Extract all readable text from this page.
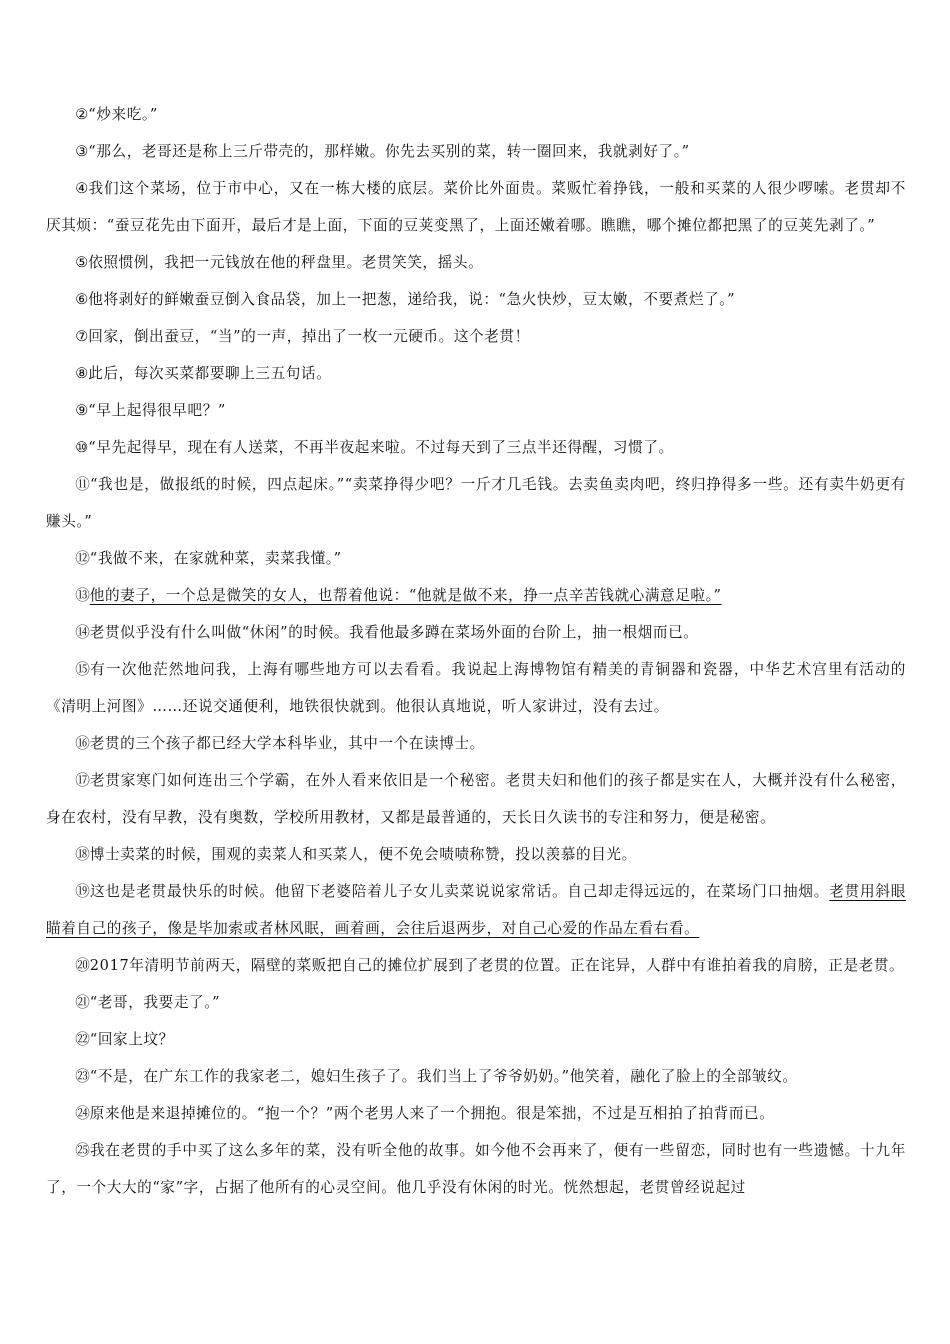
②“炒来吃。”

③“那么，老哥还是称上三斤带壳的，那样嫩。你先去买别的菜，转一圈回来，我就剥好了。”

④我们这个菜场，位于市中心，又在一栋大楼的底层。菜价比外面贵。菜贩忙着挣钱，一般和买菜的人很少啰嗦。老贯却不厌其烦：“蚕豆花先由下面开，最后才是上面，下面的豆荚变黑了，上面还嫩着哪。瞧瞧，哪个摊位都把黑了的豆荚先剥了。”

⑤依照惯例，我把一元钱放在他的秤盘里。老贯笑笑，摇头。

⑥他将剥好的鲜嫩蚕豆倒入食品袋，加上一把葱，递给我，说：“急火快炒，豆太嫩，不要煮烂了。”

⑦回家，倒出蚕豆，“当”的一声，掉出了一枚一元硬币。这个老贯！

⑧此后，每次买菜都要聊上三五句话。

⑨“早上起得很早吧？”

⑩“早先起得早，现在有人送菜，不再半夜起来啦。不过每天到了三点半还得醒，习惯了。

⑪“我也是，做报纸的时候，四点起床。”“卖菜挣得少吧？一斤才几毛钱。去卖鱼卖肉吧，终归挣得多一些。还有卖牛奶更有赚头。”

⑫“我做不来，在家就种菜，卖菜我懂。”

⑬他的妻子，一个总是微笑的女人，也帮着他说：“他就是做不来，挣一点辛苦钱就心满意足啦。”

⑭老贯似乎没有什么叫做“休闲”的时候。我看他最多蹲在菜场外面的台阶上，抽一根烟而已。

⑮有一次他茫然地问我，上海有哪些地方可以去看看。我说起上海博物馆有精美的青铜器和瓷器，中华艺术宫里有活动的《清明上河图》……还说交通便利，地铁很快就到。他很认真地说，听人家讲过，没有去过。

⑯老贯的三个孩子都已经大学本科毕业，其中一个在读博士。

⑰老贯家寒门如何连出三个学霸，在外人看来依旧是一个秘密。老贯夫妇和他们的孩子都是实在人，大概并没有什么秘密，身在农村，没有早教，没有奥数，学校所用教材，又都是最普通的，天长日久读书的专注和努力，便是秘密。

⑱博士卖菜的时候，围观的卖菜人和买菜人，便不免会啧啧称赞，投以羡慕的目光。

⑲这也是老贯最快乐的时候。他留下老婆陪着儿子女儿卖菜说说家常话。自己却走得远远的，在菜场门口抽烟。老贯用斜眼瞄着自己的孩子，像是毕加索或者林风眠，画着画，会往后退两步，对自己心爱的作品左看右看。

⑳2017年清明节前两天，隔壁的菜贩把自己的摊位扩展到了老贯的位置。正在诧异，人群中有谁拍着我的肩膀，正是老贯。

㉑“老哥，我要走了。”

㉒“回家上坟？

㉓“不是，在广东工作的我家老二，媳妇生孩子了。我们当上了爷爷奶奶。”他笑着，融化了脸上的全部皱纹。

㉔原来他是来退掉摊位的。“抱一个？”两个老男人来了一个拥抱。很是笨拙，不过是互相拍了拍背而已。

㉕我在老贯的手中买了这么多年的菜，没有听全他的故事。如今他不会再来了，便有一些留恋，同时也有一些遗憾。十九年了，一个大大的“家”字，占据了他所有的心灵空间。他几乎没有休闲的时光。恍然想起，老贯曾经说起过
